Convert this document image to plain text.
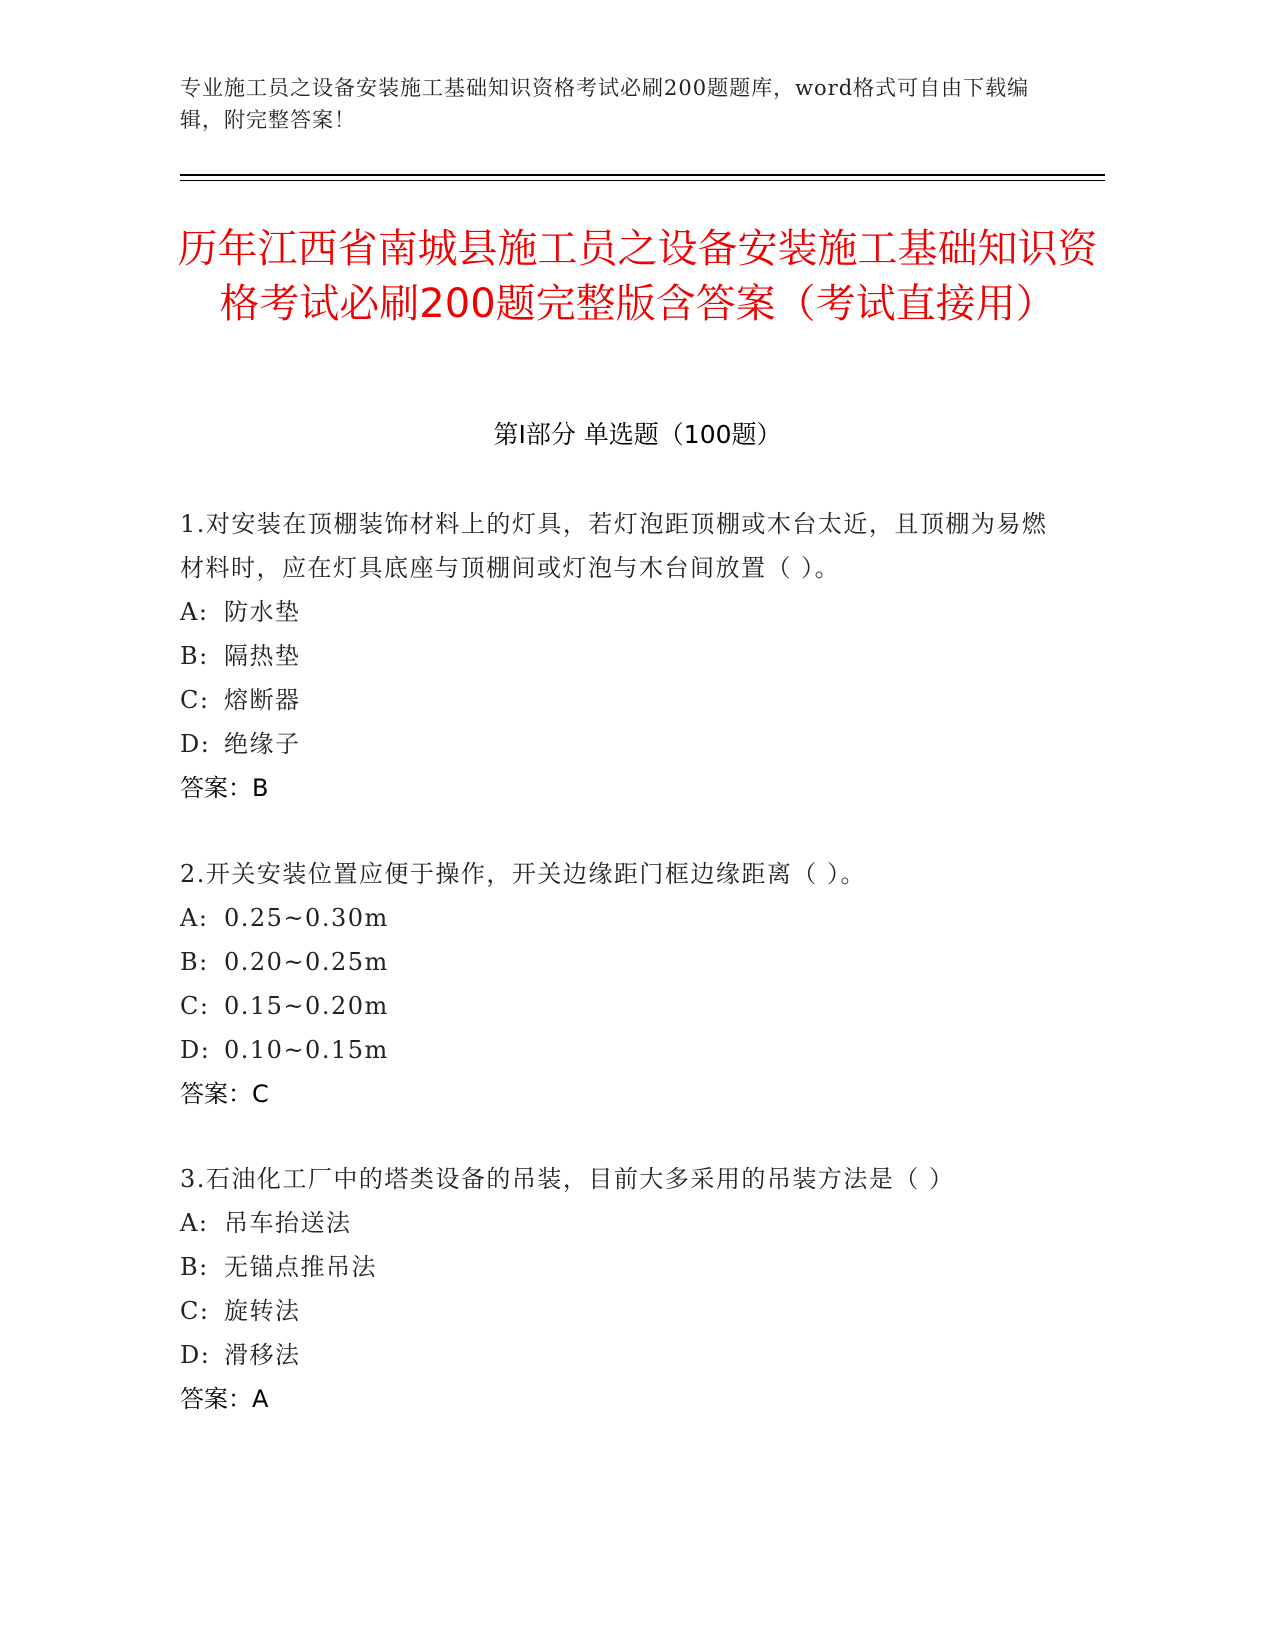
专业施工员之设备安装施工基础知识资格考试必刷200题题库，word格式可自由下载编辑，附完整答案！
历年江西省南城县施工员之设备安装施工基础知识资格考试必刷200题完整版含答案（考试直接用）
第Ⅰ部分 单选题（100题）

1.对安装在顶棚装饰材料上的灯具，若灯泡距顶棚或木台太近，且顶棚为易燃材料时，应在灯具底座与顶棚间或灯泡与木台间放置（ ）。

A: 防水垫

B: 隔热垫

C: 熔断器

D: 绝缘子

答案：B

2.开关安装位置应便于操作，开关边缘距门框边缘距离（ ）。

A: 0.25~0.30m

B: 0.20~0.25m

C: 0.15~0.20m

D: 0.10~0.15m

答案：C

3.石油化工厂中的塔类设备的吊装，目前大多采用的吊装方法是（ ）

A: 吊车抬送法

B: 无锚点推吊法

C: 旋转法

D: 滑移法

答案：A
